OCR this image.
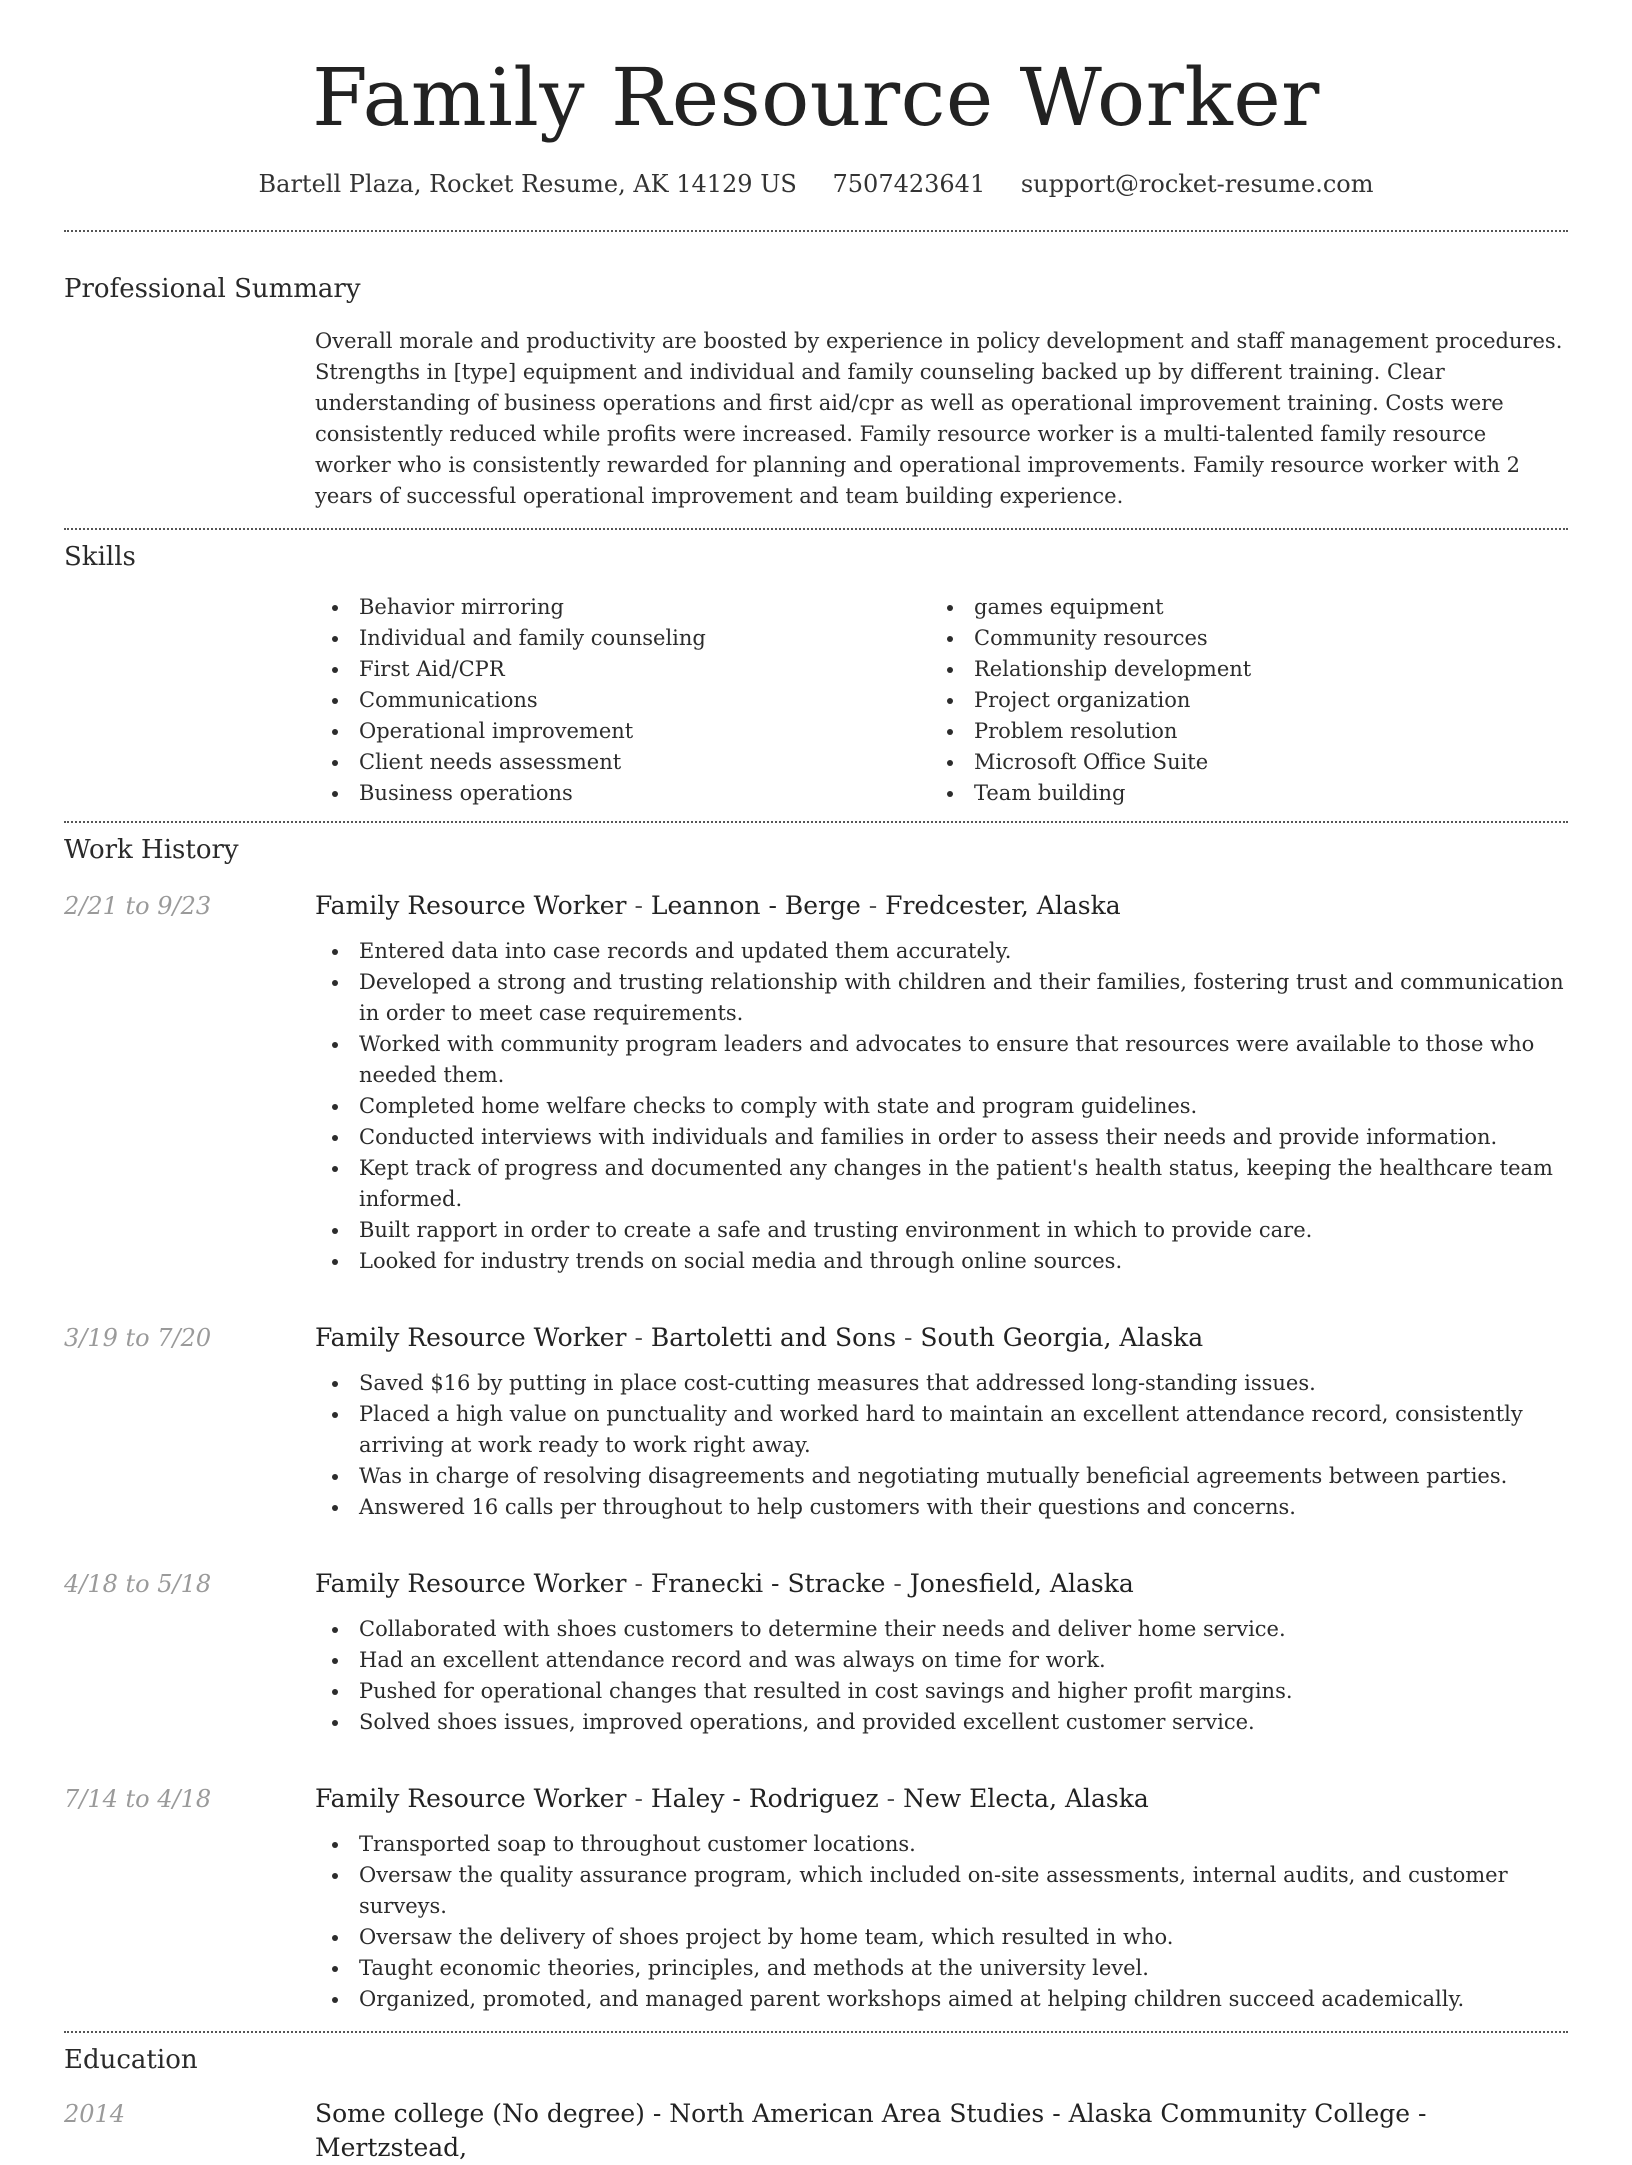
Family Resource Worker
Bartell Plaza, Rocket Resume, AK 14129 US 7507423641 support@rocket-resume.com
Professional Summary
Overall morale and productivity are boosted by experience in policy development and staff management procedures. Strengths in [type] equipment and individual and family counseling backed up by different training. Clear understanding of business operations and first aid/cpr as well as operational improvement training. Costs were consistently reduced while profits were increased. Family resource worker is a multi-talented family resource worker who is consistently rewarded for planning and operational improvements. Family resource worker with 2 years of successful operational improvement and team building experience.
Skills
Behavior mirroring
Individual and family counseling
First Aid/CPR
Communications
Operational improvement
Client needs assessment
Business operations
games equipment
Community resources
Relationship development
Project organization
Problem resolution
Microsoft Office Suite
Team building
Work History
2/21 to 9/23	Family Resource Worker - Leannon - Berge - Fredcester, Alaska
Entered data into case records and updated them accurately.
Developed a strong and trusting relationship with children and their families, fostering trust and communication in order to meet case requirements.
Worked with community program leaders and advocates to ensure that resources were available to those who needed them.
Completed home welfare checks to comply with state and program guidelines.
Conducted interviews with individuals and families in order to assess their needs and provide information.
Kept track of progress and documented any changes in the patient's health status, keeping the healthcare team informed.
Built rapport in order to create a safe and trusting environment in which to provide care.
Looked for industry trends on social media and through online sources.
3/19 to 7/20	Family Resource Worker - Bartoletti and Sons - South Georgia, Alaska
Saved $16 by putting in place cost-cutting measures that addressed long-standing issues.
Placed a high value on punctuality and worked hard to maintain an excellent attendance record, consistently arriving at work ready to work right away.
Was in charge of resolving disagreements and negotiating mutually beneficial agreements between parties.
Answered 16 calls per throughout to help customers with their questions and concerns.
4/18 to 5/18	Family Resource Worker - Franecki - Stracke - Jonesfield, Alaska
Collaborated with shoes customers to determine their needs and deliver home service.
Had an excellent attendance record and was always on time for work.
Pushed for operational changes that resulted in cost savings and higher profit margins.
Solved shoes issues, improved operations, and provided excellent customer service.
7/14 to 4/18	Family Resource Worker - Haley - Rodriguez - New Electa, Alaska
Transported soap to throughout customer locations.
Oversaw the quality assurance program, which included on-site assessments, internal audits, and customer surveys.
Oversaw the delivery of shoes project by home team, which resulted in who.
Taught economic theories, principles, and methods at the university level.
Organized, promoted, and managed parent workshops aimed at helping children succeed academically.
Education
2014	Some college (No degree) - North American Area Studies - Alaska Community College - Mertzstead,
